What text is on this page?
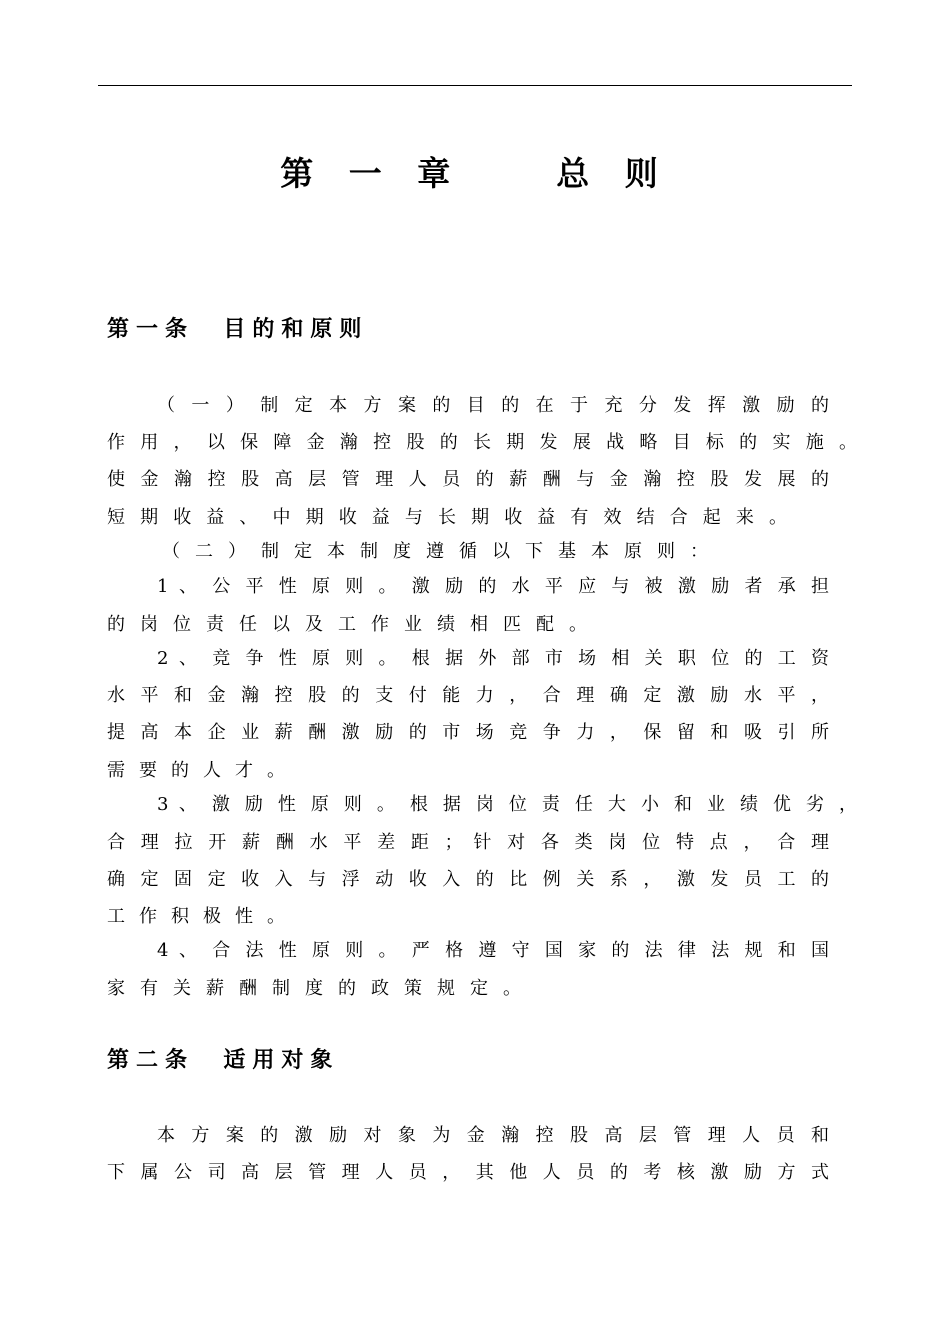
第 一 章    总 则
第一条  目的和原则

（ 一 ） 制 定 本 方 案 的 目 的 在 于 充 分 发 挥 激 励 的

作 用 ， 以 保 障 金 瀚 控 股 的 长 期 发 展 战 略 目 标 的 实 施 。

使 金 瀚 控 股 高 层 管 理 人 员 的 薪 酬 与 金 瀚 控 股 发 展 的

短 期 收 益 、 中 期 收 益 与 长 期 收 益 有 效 结 合 起 来 。

（ 二 ） 制 定 本 制 度 遵 循 以 下 基 本 原 则 ：

1 、 公 平 性 原 则 。 激 励 的 水 平 应 与 被 激 励 者 承 担

的 岗 位 责 任 以 及 工 作 业 绩 相 匹 配 。

2 、 竞 争 性 原 则 。 根 据 外 部 市 场 相 关 职 位 的 工 资

水 平 和 金 瀚 控 股 的 支 付 能 力 ， 合 理 确 定 激 励 水 平 ，

提 高 本 企 业 薪 酬 激 励 的 市 场 竞 争 力 ， 保 留 和 吸 引 所

需 要 的 人 才 。

3 、 激 励 性 原 则 。 根 据 岗 位 责 任 大 小 和 业 绩 优 劣 ，

合 理 拉 开 薪 酬 水 平 差 距 ； 针 对 各 类 岗 位 特 点 ， 合 理

确 定 固 定 收 入 与 浮 动 收 入 的 比 例 关 系 ， 激 发 员 工 的

工 作 积 极 性 。

4 、 合 法 性 原 则 。 严 格 遵 守 国 家 的 法 律 法 规 和 国

家 有 关 薪 酬 制 度 的 政 策 规 定 。

第二条  适用对象

本 方 案 的 激 励 对 象 为 金 瀚 控 股 高 层 管 理 人 员 和

下 属 公 司 高 层 管 理 人 员 ， 其 他 人 员 的 考 核 激 励 方 式
